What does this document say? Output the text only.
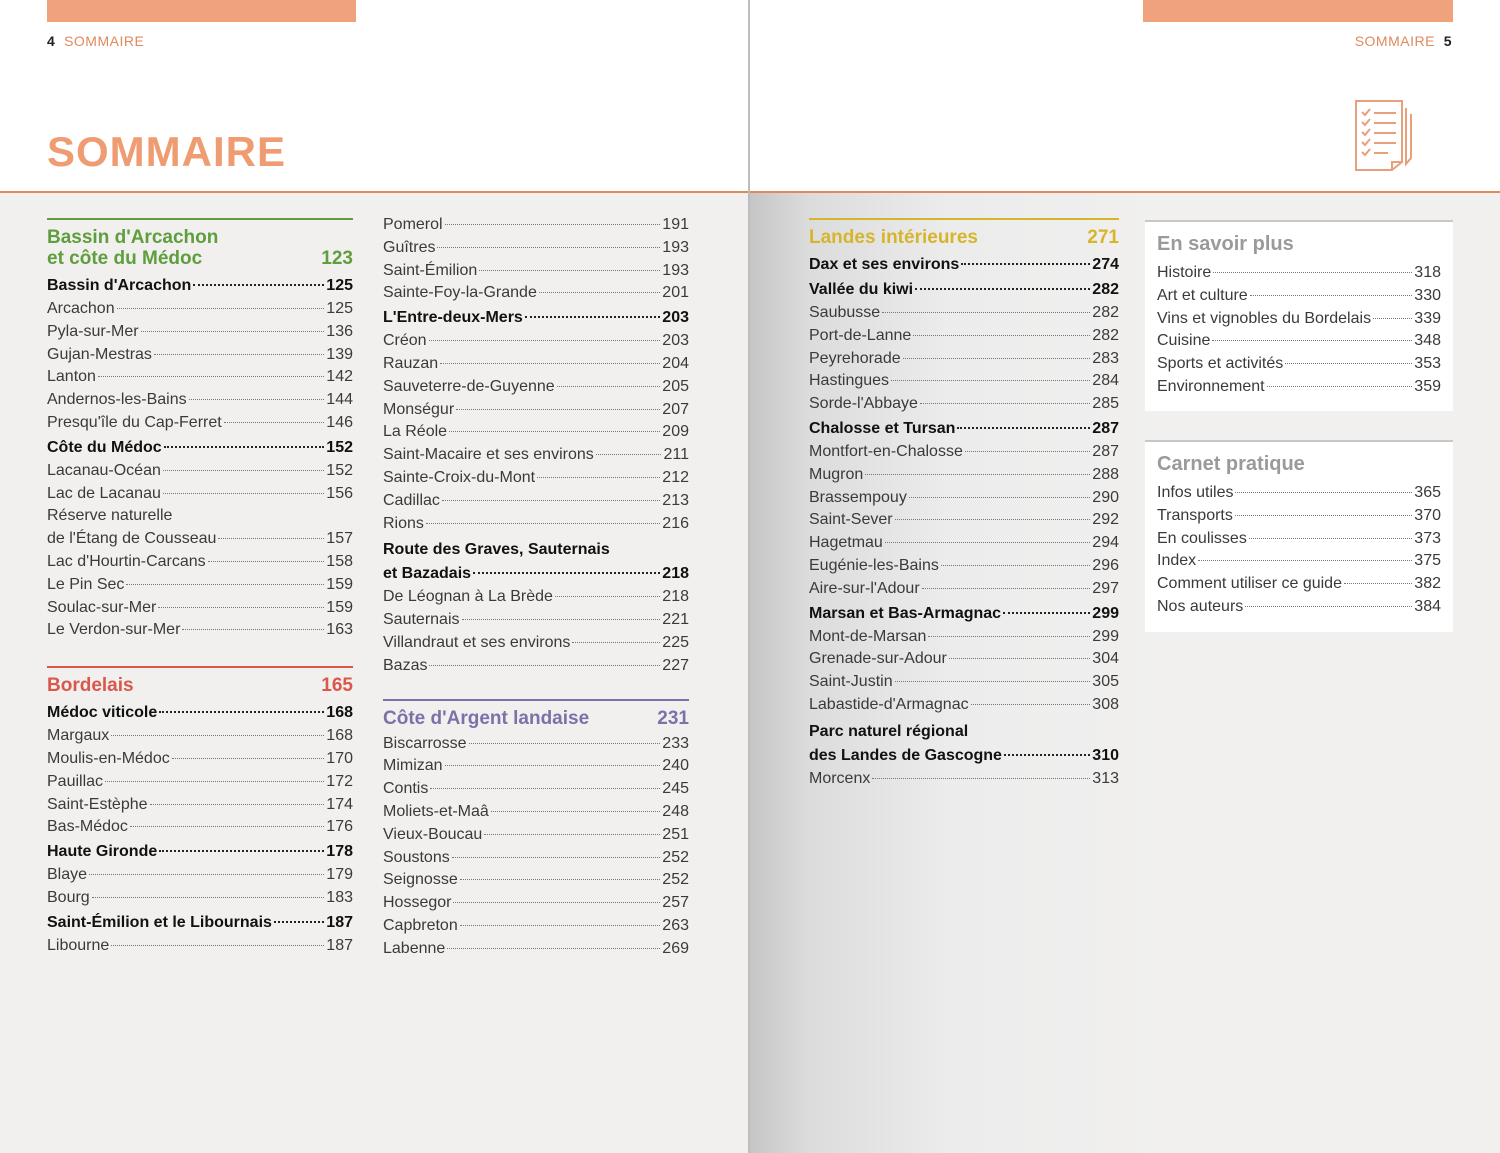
4 SOMMAIRE
SOMMAIRE
Bassin d'Arcachon
et côte du Médoc	123
Bassin d'Arcachon	125
Arcachon	125
Pyla-sur-Mer	136
Gujan-Mestras	139
Lanton	142
Andernos-les-Bains	144
Presqu'île du Cap-Ferret	146
Côte du Médoc	152
Lacanau-Océan	152
Lac de Lacanau	156
Réserve naturelle
de l'Étang de Cousseau	157
Lac d'Hourtin-Carcans	158
Le Pin Sec	159
Soulac-sur-Mer	159
Le Verdon-sur-Mer	163
Bordelais	165
Médoc viticole	168
Margaux	168
Moulis-en-Médoc	170
Pauillac	172
Saint-Estèphe	174
Bas-Médoc	176
Haute Gironde	178
Blaye	179
Bourg	183
Saint-Émilion et le Libournais	187
Libourne	187
Pomerol	191
Guîtres	193
Saint-Émilion	193
Sainte-Foy-la-Grande	201
L'Entre-deux-Mers	203
Créon	203
Rauzan	204
Sauveterre-de-Guyenne	205
Monségur	207
La Réole	209
Saint-Macaire et ses environs	211
Sainte-Croix-du-Mont	212
Cadillac	213
Rions	216
Route des Graves, Sauternais
et Bazadais	218
De Léognan à La Brède	218
Sauternais	221
Villandraut et ses environs	225
Bazas	227
Côte d'Argent landaise	231
Biscarrosse	233
Mimizan	240
Contis	245
Moliets-et-Maâ	248
Vieux-Boucau	251
Soustons	252
Seignosse	252
Hossegor	257
Capbreton	263
Labenne	269
SOMMAIRE 5
Landes intérieures	271
Dax et ses environs	274
Vallée du kiwi	282
Saubusse	282
Port-de-Lanne	282
Peyrehorade	283
Hastingues	284
Sorde-l'Abbaye	285
Chalosse et Tursan	287
Montfort-en-Chalosse	287
Mugron	288
Brassempouy	290
Saint-Sever	292
Hagetmau	294
Eugénie-les-Bains	296
Aire-sur-l'Adour	297
Marsan et Bas-Armagnac	299
Mont-de-Marsan	299
Grenade-sur-Adour	304
Saint-Justin	305
Labastide-d'Armagnac	308
Parc naturel régional
des Landes de Gascogne	310
Morcenx	313
En savoir plus
Histoire	318
Art et culture	330
Vins et vignobles du Bordelais	339
Cuisine	348
Sports et activités	353
Environnement	359
Carnet pratique
Infos utiles	365
Transports	370
En coulisses	373
Index	375
Comment utiliser ce guide	382
Nos auteurs	384
